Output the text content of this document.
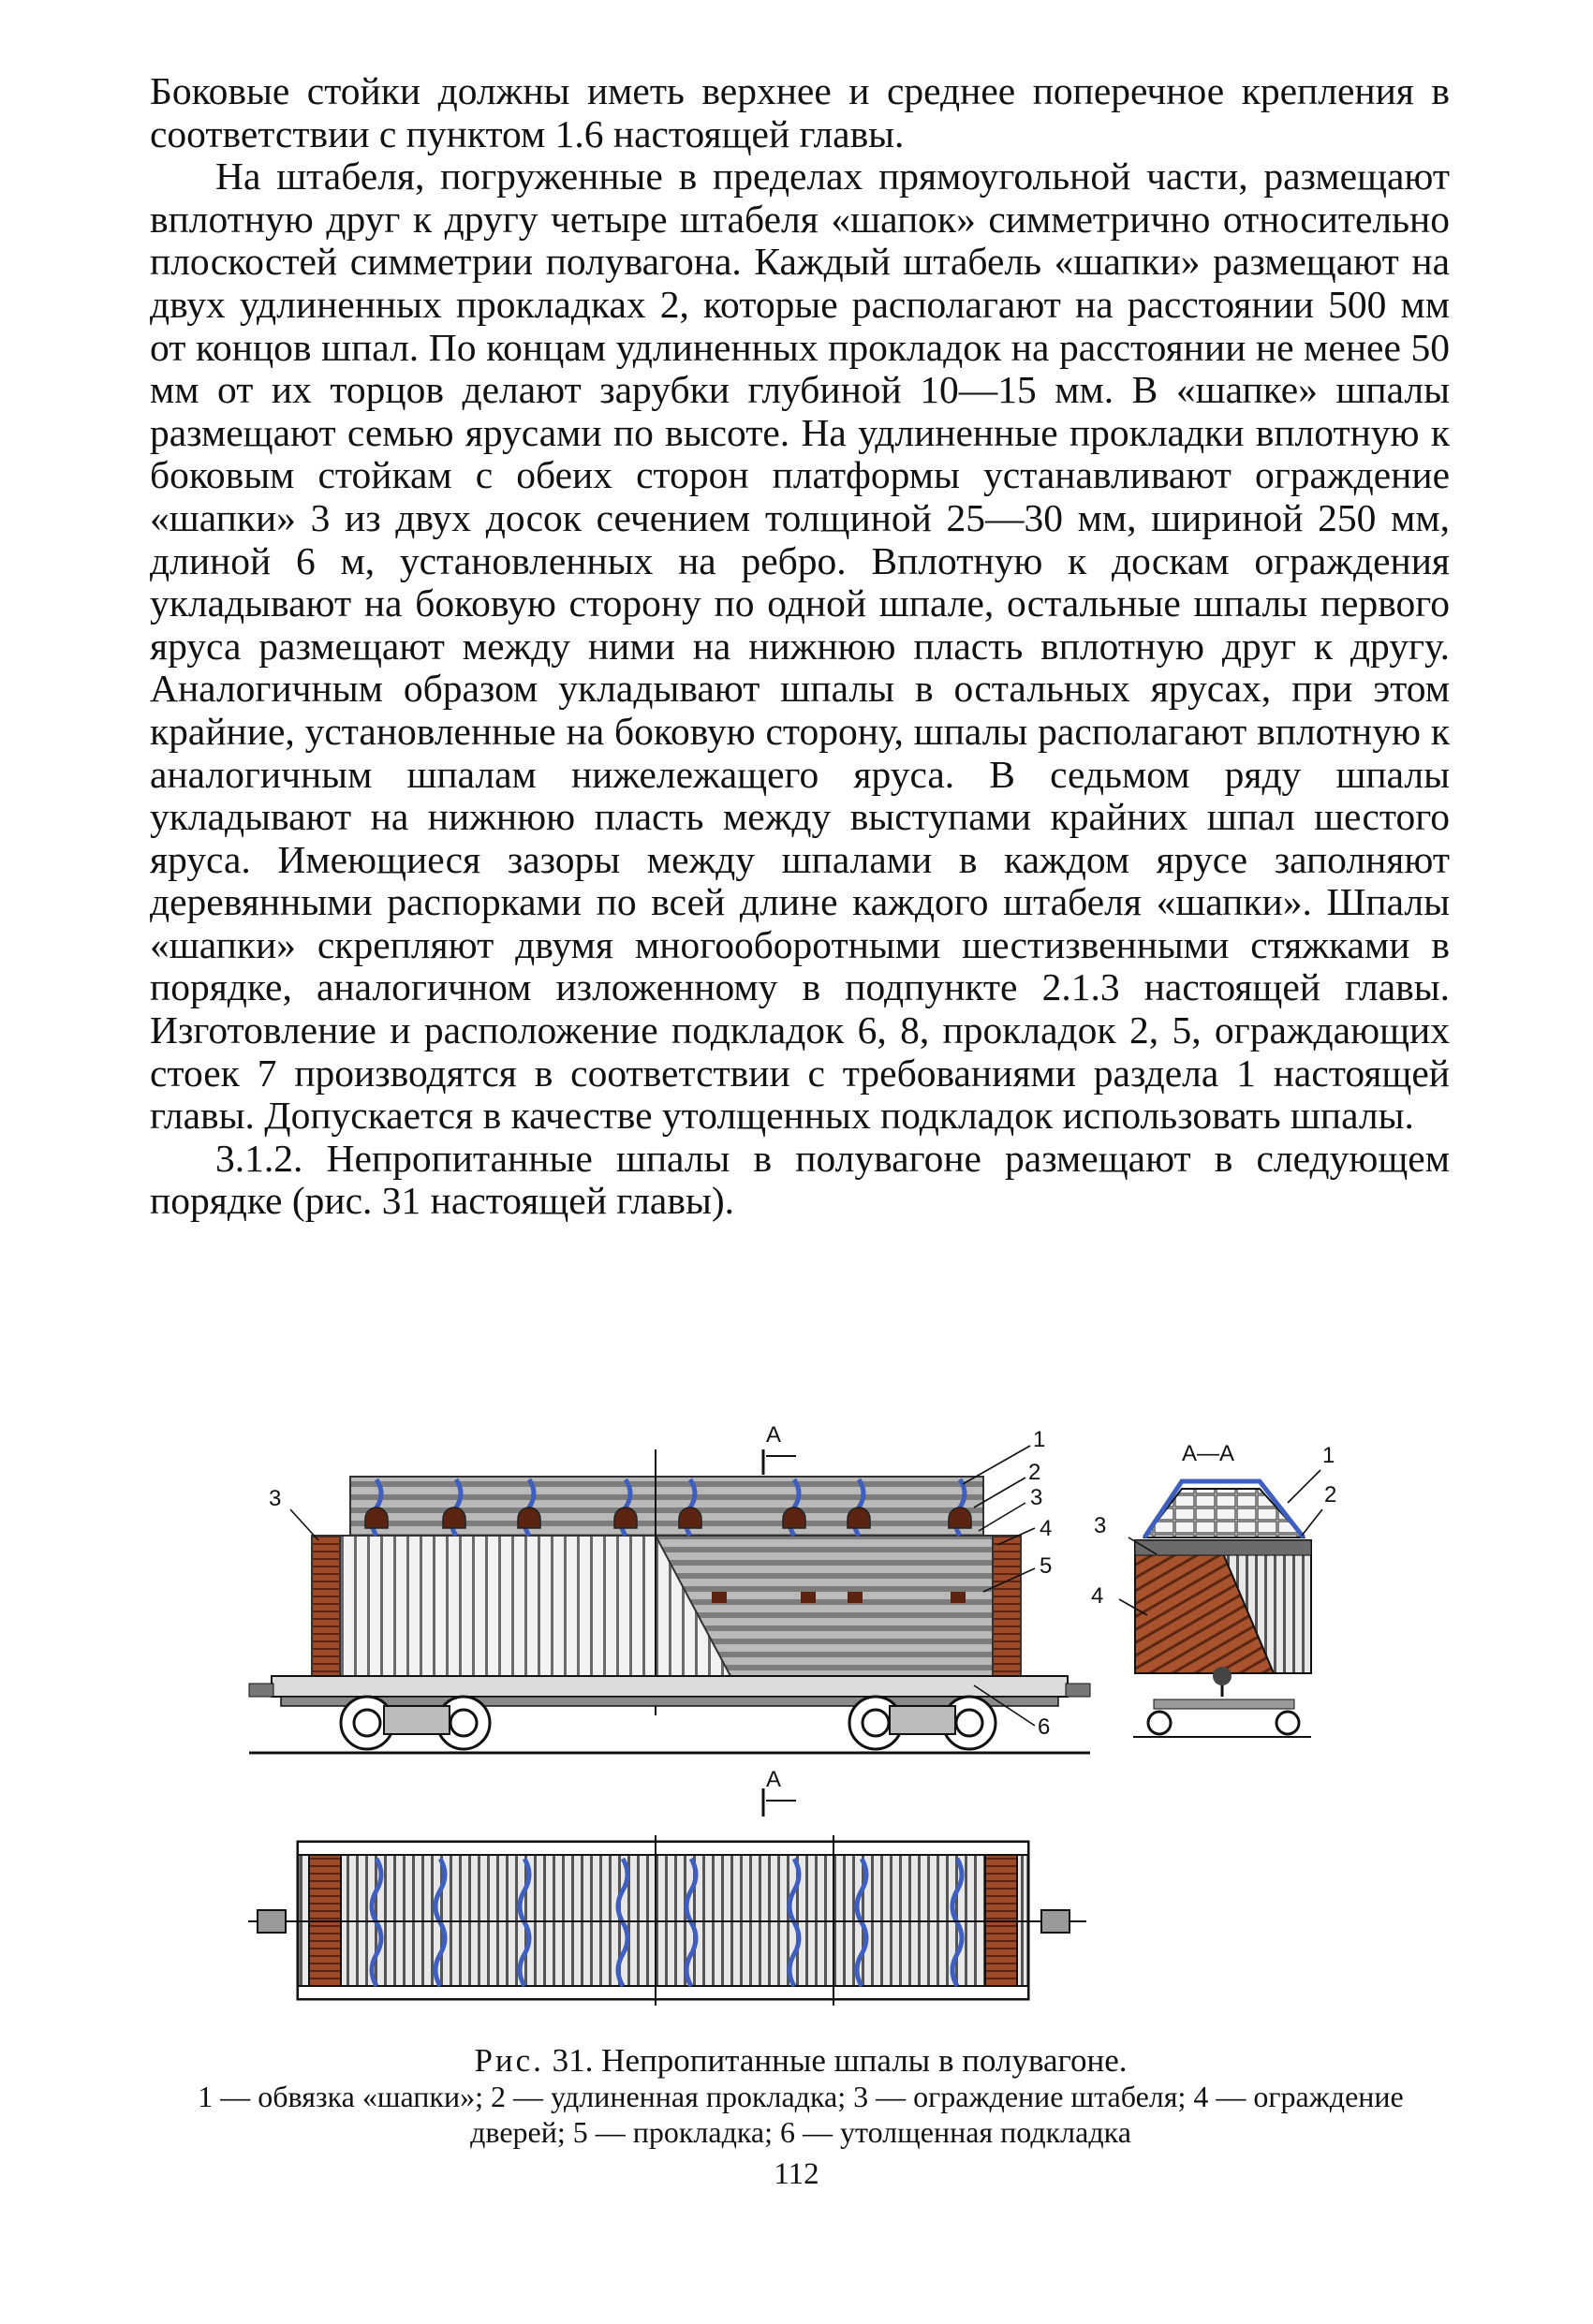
Боковые стойки должны иметь верхнее и среднее поперечное крепления в соответствии с пунктом 1.6 настоящей главы.

На штабеля, погруженные в пределах прямоугольной части, размещают вплотную друг к другу четыре штабеля «шапок» симметрично относительно плоскостей симметрии полувагона. Каждый штабель «шапки» размещают на двух удлиненных прокладках 2, которые располагают на расстоянии 500 мм от концов шпал. По концам удлиненных прокладок на расстоянии не менее 50 мм от их торцов делают зарубки глубиной 10—15 мм. В «шапке» шпалы размещают семью ярусами по высоте. На удлиненные прокладки вплотную к боковым стойкам с обеих сторон платформы устанавливают ограждение «шапки» 3 из двух досок сечением толщиной 25—30 мм, шириной 250 мм, длиной 6 м, установленных на ребро. Вплотную к доскам ограждения укладывают на боковую сторону по одной шпале, остальные шпалы первого яруса размещают между ними на нижнюю пласть вплотную друг к другу. Аналогичным образом укладывают шпалы в остальных ярусах, при этом крайние, установленные на боковую сторону, шпалы располагают вплотную к аналогичным шпалам нижележащего яруса. В седьмом ряду шпалы укладывают на нижнюю пласть между выступами крайних шпал шестого яруса. Имеющиеся зазоры между шпалами в каждом ярусе заполняют деревянными распорками по всей длине каждого штабеля «шапки». Шпалы «шапки» скрепляют двумя многооборотными шестизвенными стяжками в порядке, аналогичном изложенному в подпункте 2.1.3 настоящей главы. Изготовление и расположение подкладок 6, 8, прокладок 2, 5, ограждающих стоек 7 производятся в соответствии с требованиями раздела 1 настоящей главы. Допускается в качестве утолщенных подкладок использовать шпалы.

3.1.2. Непропитанные шпалы в полувагоне размещают в следующем порядке (рис. 31 настоящей главы).

A
A
1
2
3
4
5
6
3
А—А	1
2
3
4
Рис. 31. Непропитанные шпалы в полувагоне.
1 — обвязка «шапки»; 2 — удлиненная прокладка; 3 — ограждение штабеля; 4 — ограждение дверей; 5 — прокладка; 6 — утолщенная подкладка
112
